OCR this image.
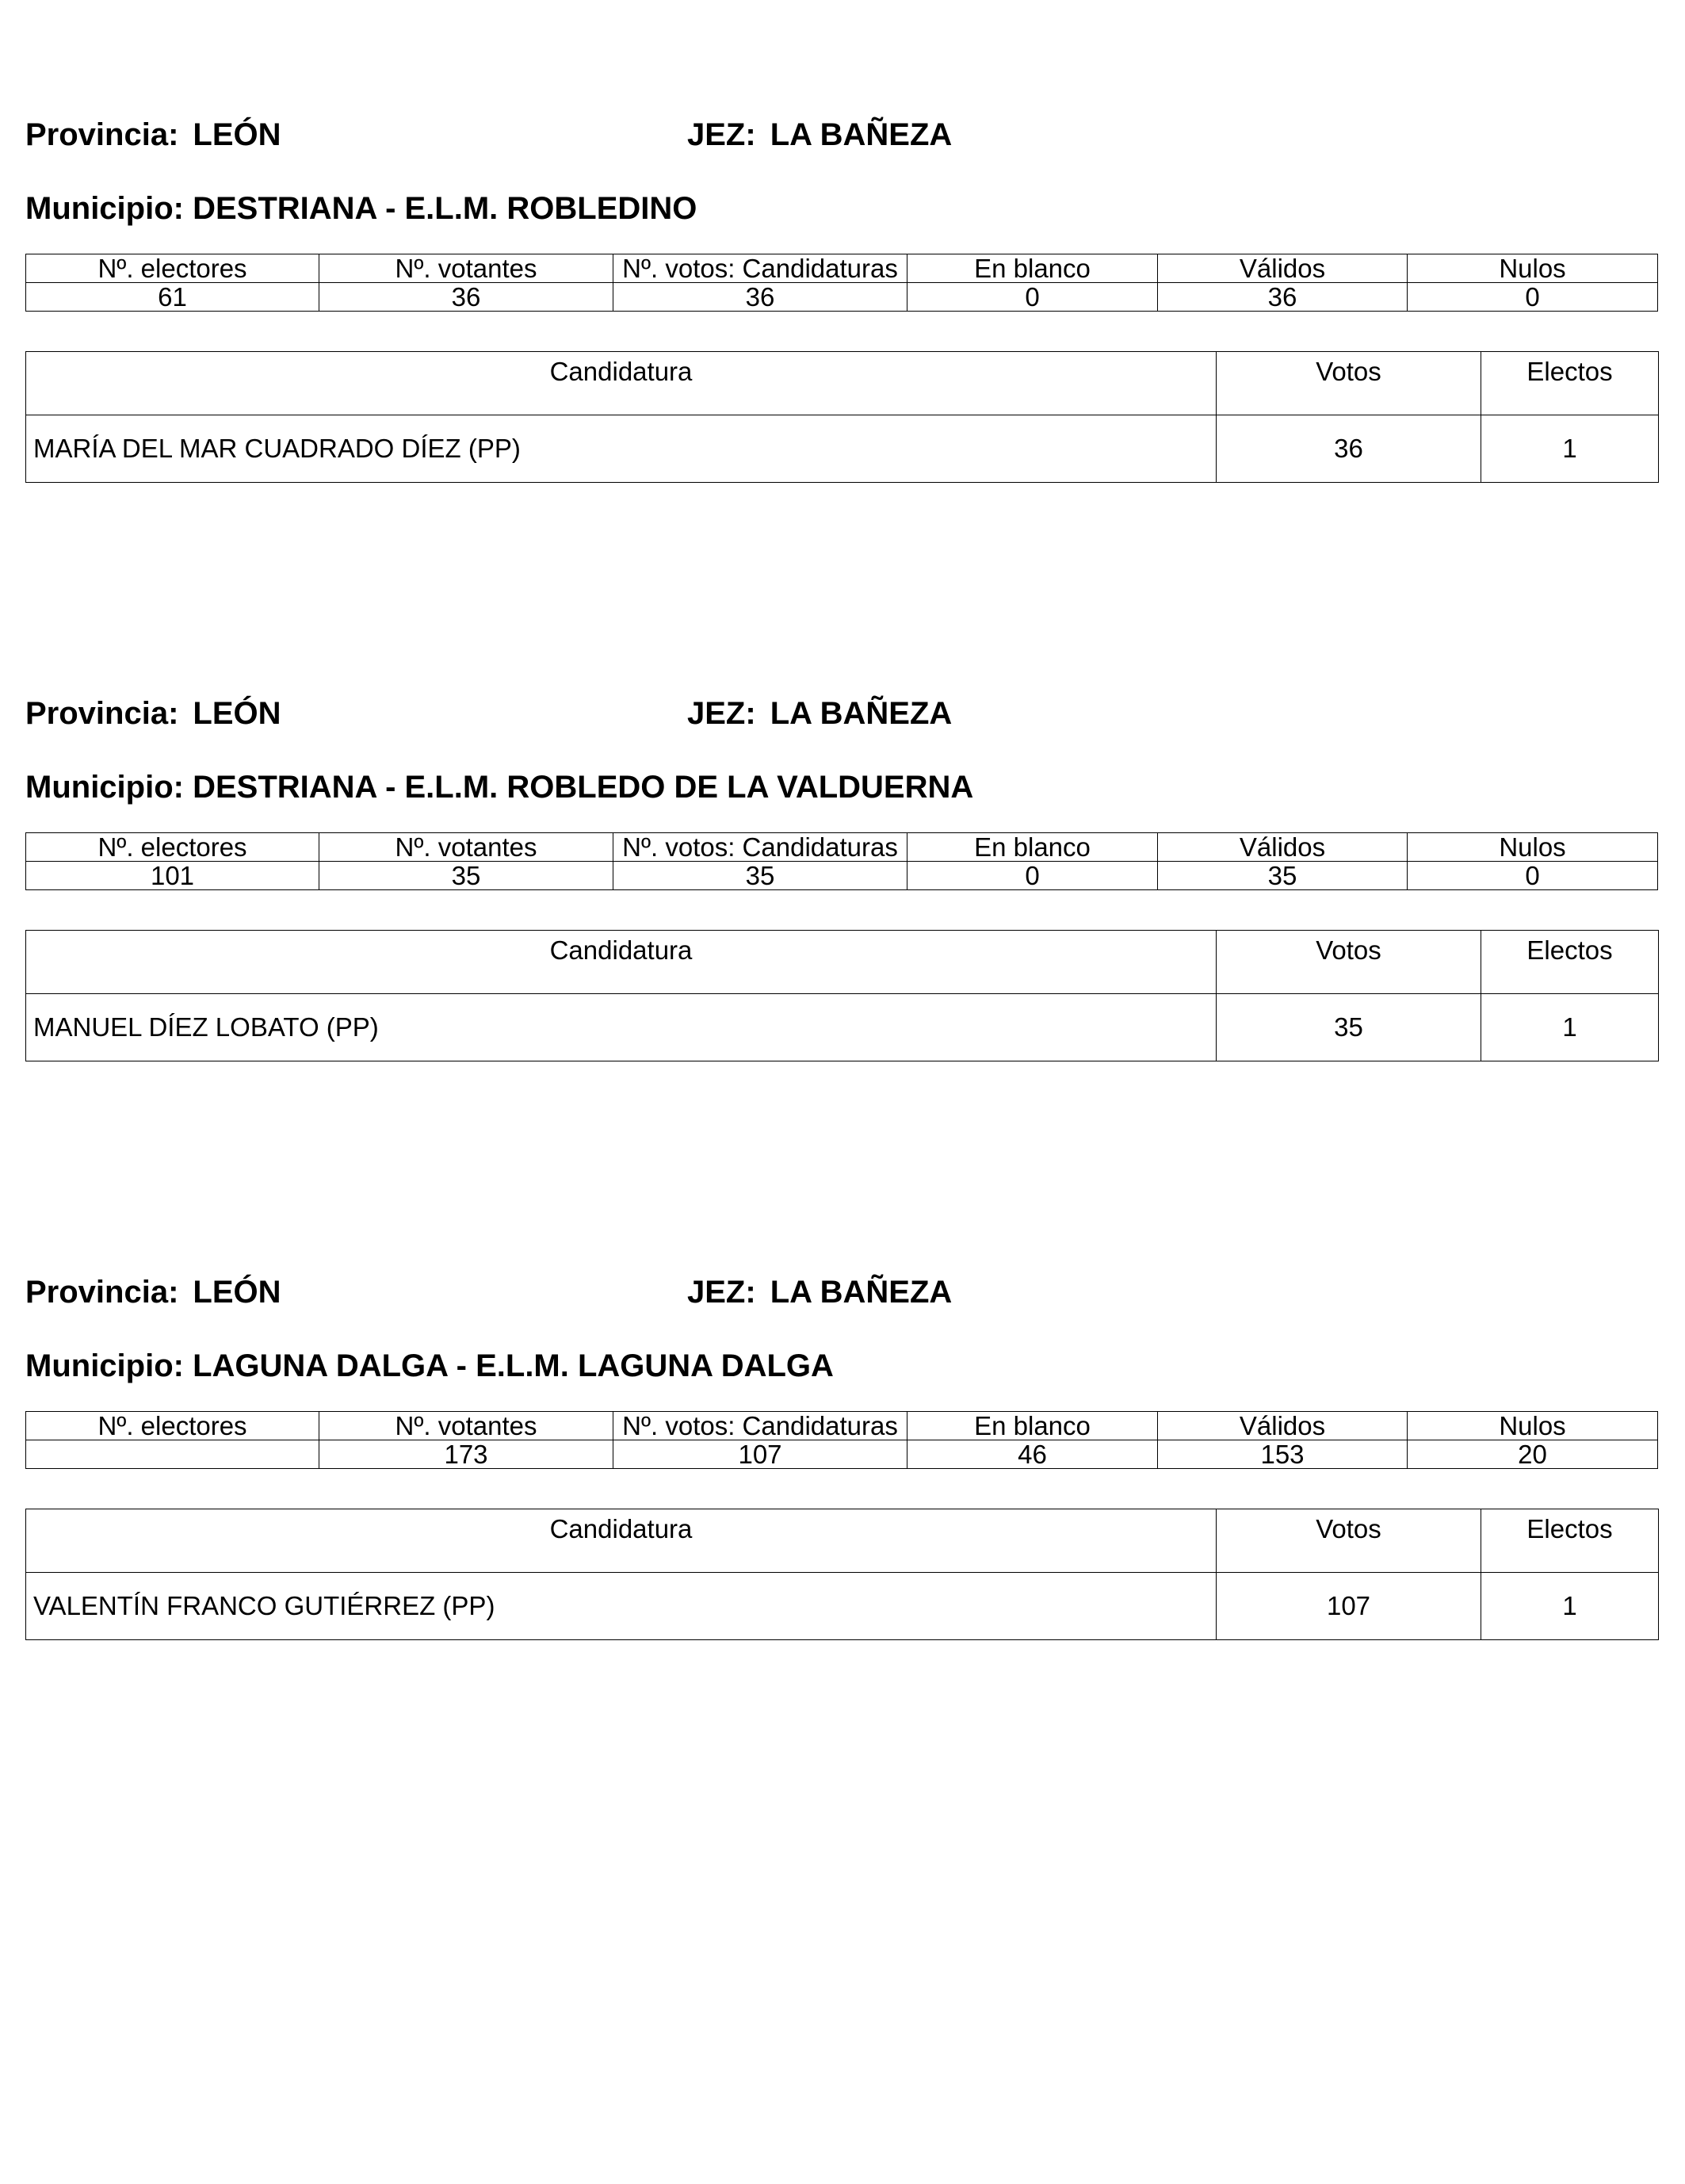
Provincia: LEÓN	JEZ: LA BAÑEZA
Municipio: DESTRIANA - E.L.M. ROBLEDINO
Nº. electores	Nº. votantes	Nº. votos: Candidaturas	En blanco	Válidos	Nulos
61	36	36	0	36	0
Candidatura	Votos	Electos
MARÍA DEL MAR CUADRADO DÍEZ (PP)	36	1
Provincia: LEÓN	JEZ: LA BAÑEZA
Municipio: DESTRIANA - E.L.M. ROBLEDO DE LA VALDUERNA
Nº. electores	Nº. votantes	Nº. votos: Candidaturas	En blanco	Válidos	Nulos
101	35	35	0	35	0
Candidatura	Votos	Electos
MANUEL DÍEZ LOBATO (PP)	35	1
Provincia: LEÓN	JEZ: LA BAÑEZA
Municipio: LAGUNA DALGA - E.L.M. LAGUNA DALGA
Nº. electores	Nº. votantes	Nº. votos: Candidaturas	En blanco	Válidos	Nulos
	173	107	46	153	20
Candidatura	Votos	Electos
VALENTÍN FRANCO GUTIÉRREZ (PP)	107	1
